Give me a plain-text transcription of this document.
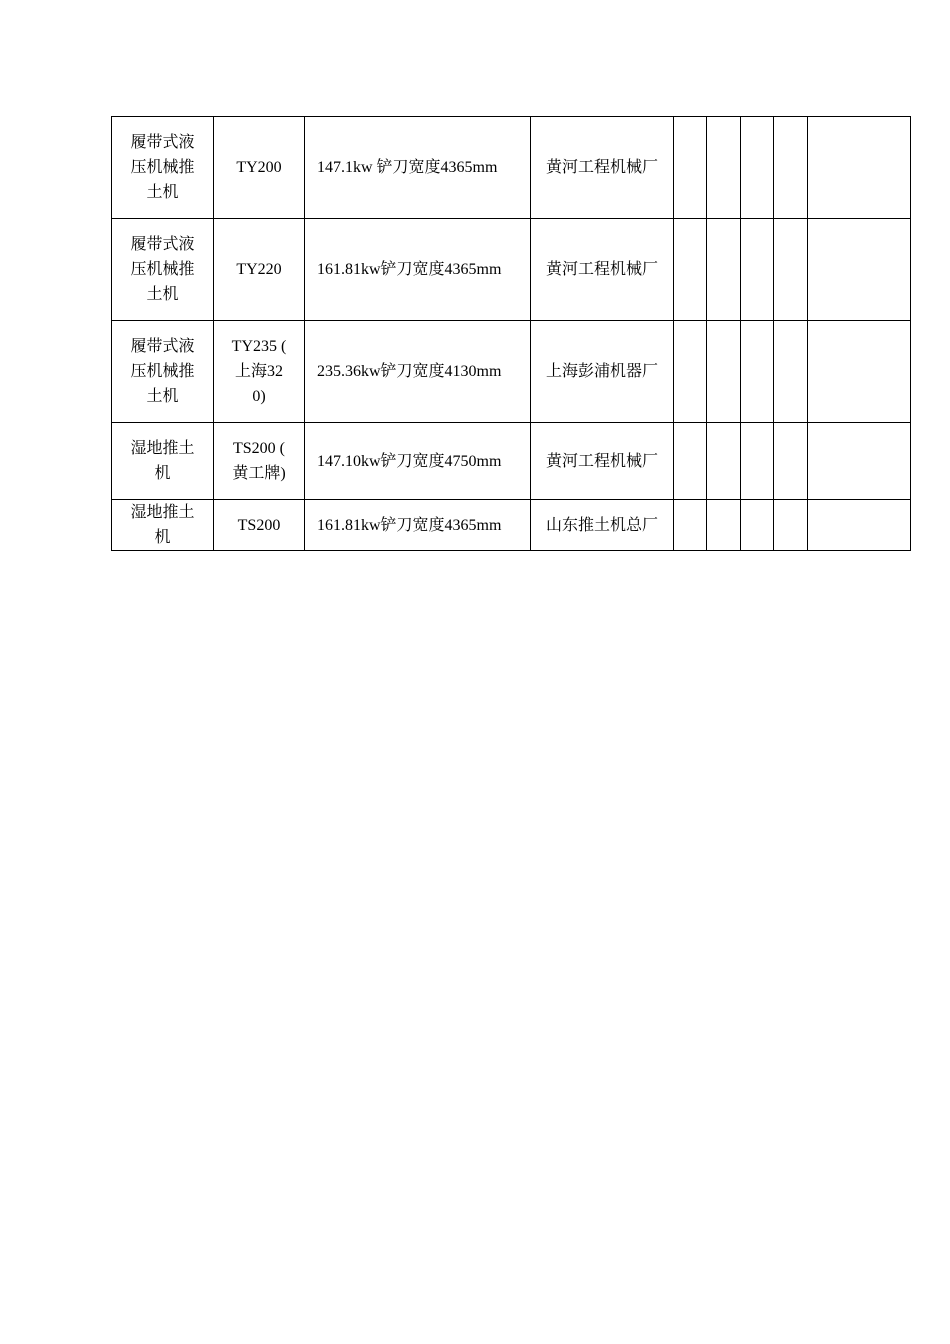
履带式液压机械推土机	TY200	147.1kw 铲刀宽度4365mm	黄河工程机械厂					
履带式液压机械推土机	TY220	161.81kw铲刀宽度4365mm	黄河工程机械厂					
履带式液压机械推土机	TY235 ( 上海320)	235.36kw铲刀宽度4130mm	上海彭浦机器厂					
湿地推土机	TS200 ( 黄工牌)	147.10kw铲刀宽度4750mm	黄河工程机械厂					
湿地推土机	TS200	161.81kw铲刀宽度4365mm	山东推土机总厂					
